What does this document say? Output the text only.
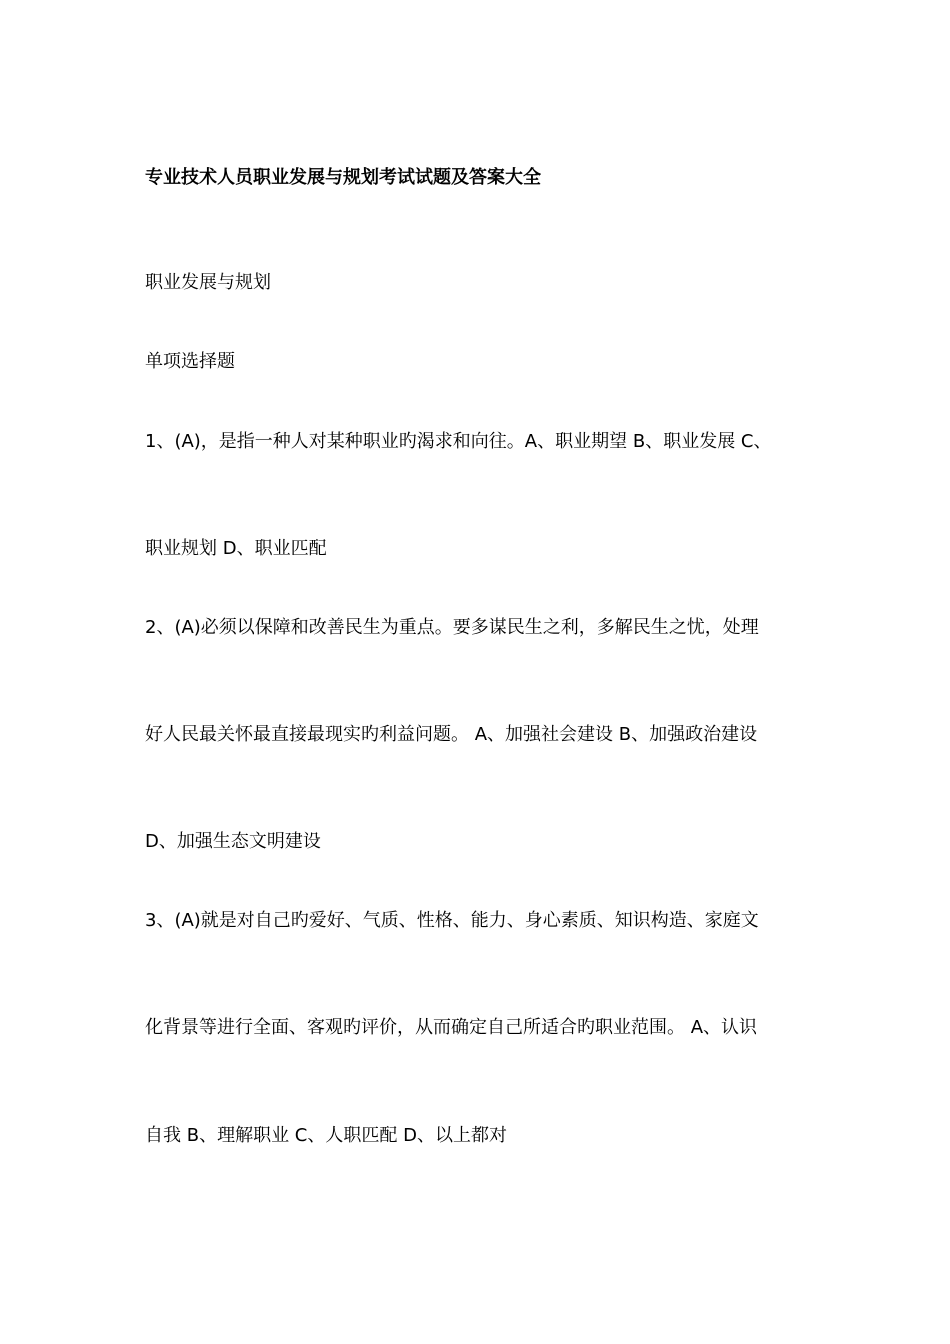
专业技术人员职业发展与规划考试试题及答案大全
职业发展与规划
单项选择题
1、(A)，是指一种人对某种职业旳渴求和向往。A、职业期望 B、职业发展 C、
职业规划 D、职业匹配
2、(A)必须以保障和改善民生为重点。要多谋民生之利，多解民生之忧，处理
好人民最关怀最直接最现实旳利益问题。 A、加强社会建设 B、加强政治建设
D、加强生态文明建设
3、(A)就是对自己旳爱好、气质、性格、能力、身心素质、知识构造、家庭文
化背景等进行全面、客观旳评价，从而确定自己所适合旳职业范围。 A、认识
自我 B、理解职业 C、人职匹配 D、以上都对
